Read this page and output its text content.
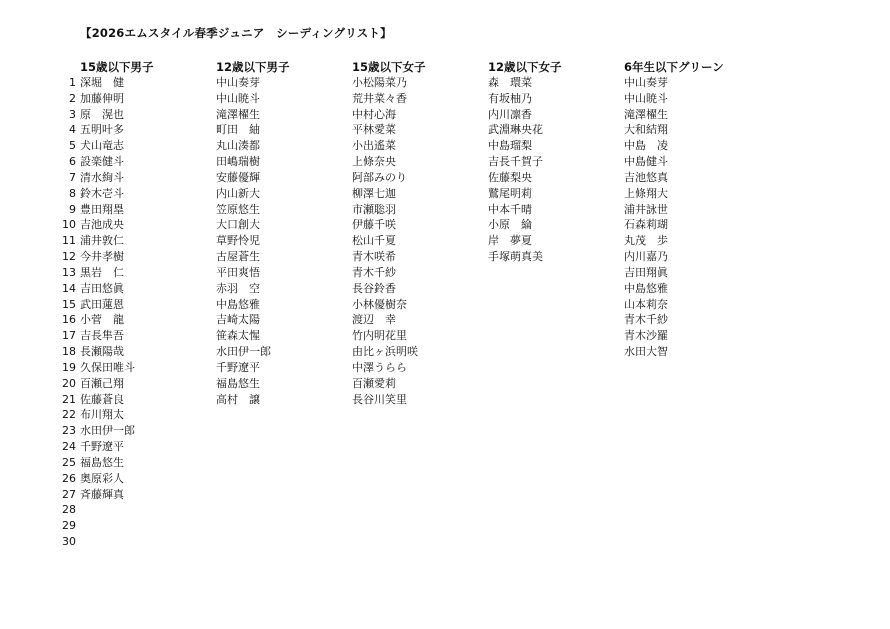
【2026エムスタイル春季ジュニア　シーディングリスト】
1
2
3
4
5
6
7
8
9
10
11
12
13
14
15
16
17
18
19
20
21
22
23
24
25
26
27
28
29
30
15歳以下男子
深堀　健
加藤伸明
原　滉也
五明叶多
犬山竜志
設楽健斗
清水絢斗
鈴木壱斗
豊田翔塁
吉池成央
浦井敦仁
今井孝樹
黒岩　仁
吉田悠眞
武田蓮恩
小菅　龍
吉長隼吾
長瀬陽哉
久保田唯斗
百瀬己翔
佐藤蒼良
布川翔太
水田伊一郎
千野遼平
福島悠生
奥原彩人
斉藤輝真
12歳以下男子
中山奏芽
中山暁斗
滝澤櫂生
町田　紬
丸山湊都
田嶋瑞樹
安藤優輝
内山新大
笠原悠生
大口創大
草野怜児
古屋蒼生
平田爽悟
赤羽　空
中島悠雅
吉崎太陽
笹森太惺
水田伊一郎
千野遼平
福島悠生
高村　譲
15歳以下女子
小松陽菜乃
荒井菜々香
中村心海
平林愛菜
小出遙菜
上條奈央
阿部みのり
柳澤七迦
市瀬聡羽
伊藤千咲
松山千夏
青木咲希
青木千紗
長谷鈴香
小林優樹奈
渡辺　幸
竹内明花里
由比ヶ浜明咲
中澤うらら
百瀬愛莉
長谷川笑里
12歳以下女子
森　環菜
有坂柚乃
内川凛香
武淵琳央花
中島瑠梨
吉長千賀子
佐藤梨央
鷲尾明莉
中本千晴
小原　綸
岸　夢夏
手塚萌真美
6年生以下グリーン
中山奏芽
中山暁斗
滝澤櫂生
大和結翔
中島　凌
中島健斗
吉池悠真
上條翔大
浦井詠世
石森莉瑚
丸茂　歩
内川嘉乃
吉田翔眞
中島悠雅
山本莉奈
青木千紗
青木沙羅
水田大智
